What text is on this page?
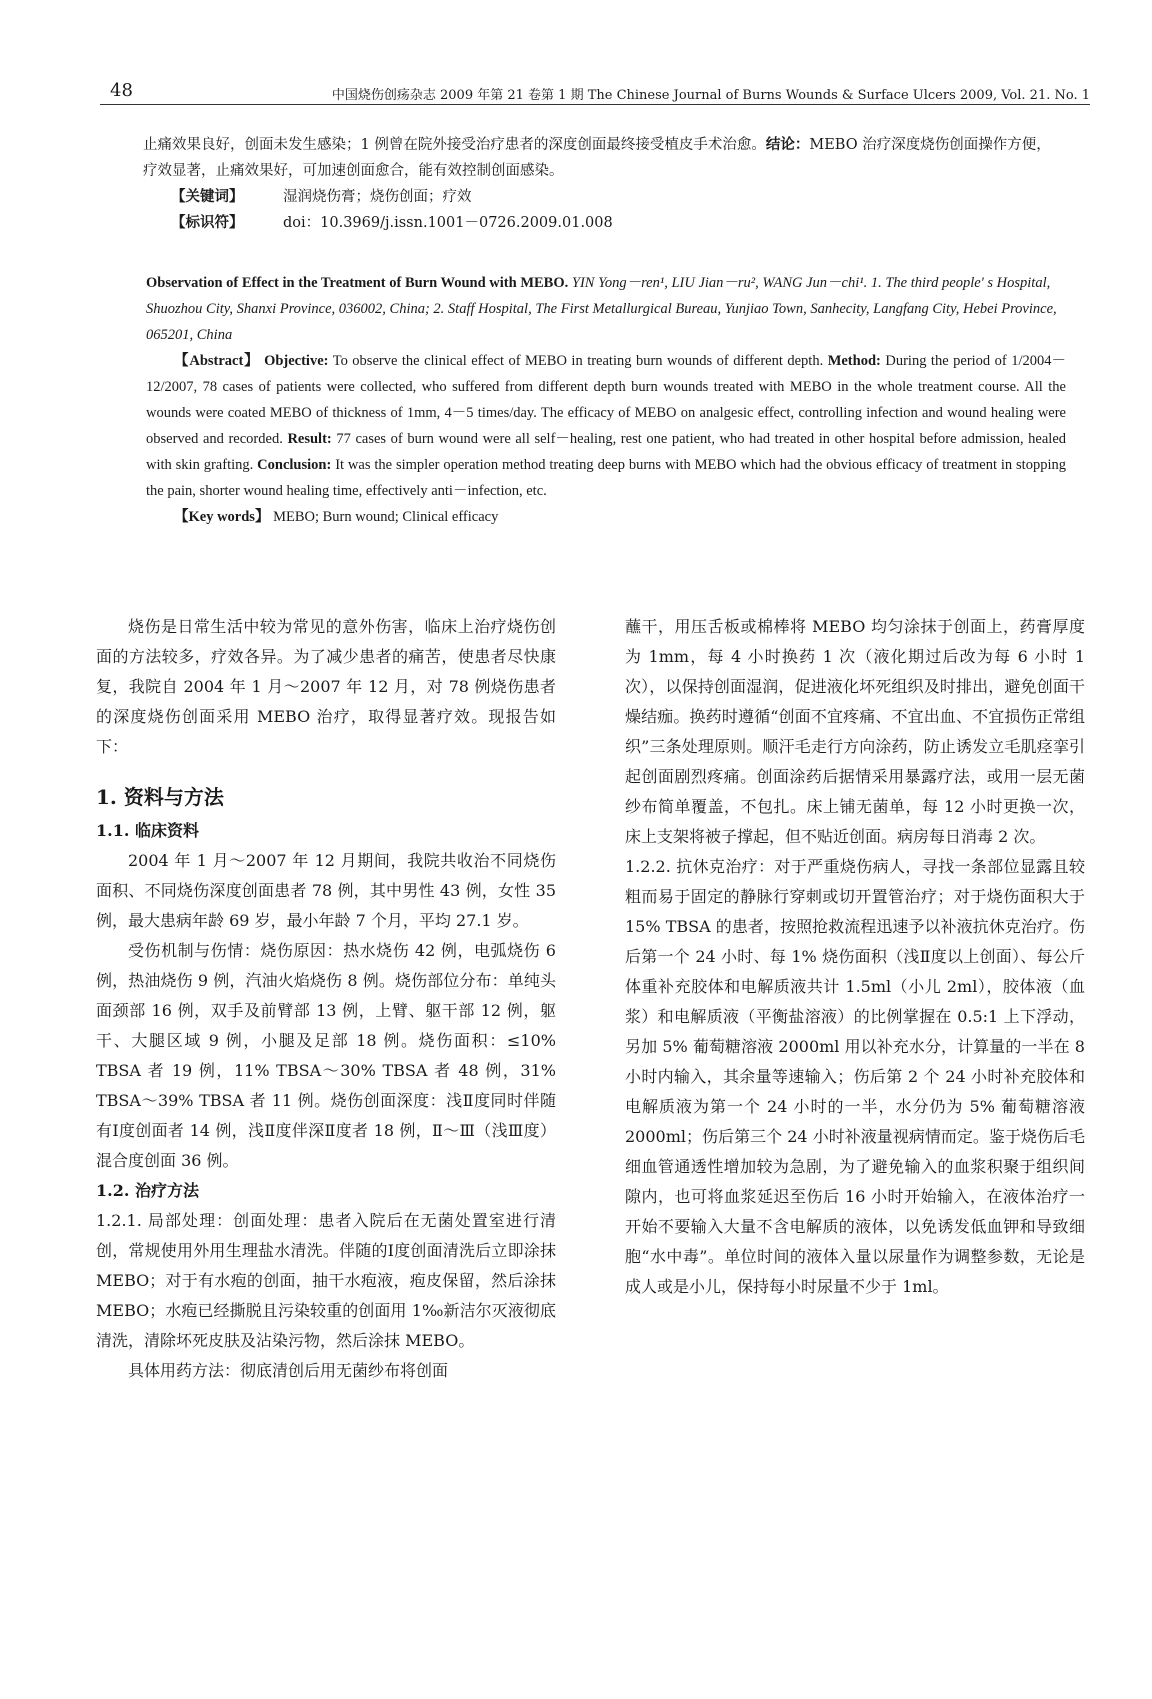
48	中国烧伤创疡杂志 2009 年第 21 卷第 1 期 The Chinese Journal of Burns Wounds & Surface Ulcers 2009, Vol. 21. No. 1

止痛效果良好，创面未发生感染；1 例曾在院外接受治疗患者的深度创面最终接受植皮手术治愈。结论：MEBO 治疗深度烧伤创面操作方便，疗效显著，止痛效果好，可加速创面愈合，能有效控制创面感染。

【关键词】	湿润烧伤膏；烧伤创面；疗效

【标识符】	doi：10.3969/j.issn.1001－0726.2009.01.008

Observation of Effect in the Treatment of Burn Wound with MEBO. YIN Yong－ren¹, LIU Jian－ru², WANG Jun－chi¹. 1. The third people' s Hospital, Shuozhou City, Shanxi Province, 036002, China; 2. Staff Hospital, The First Metallurgical Bureau, Yunjiao Town, Sanhecity, Langfang City, Hebei Province, 065201, China

【Abstract】 Objective: To observe the clinical effect of MEBO in treating burn wounds of different depth. Method: During the period of 1/2004－12/2007, 78 cases of patients were collected, who suffered from different depth burn wounds treated with MEBO in the whole treatment course. All the wounds were coated MEBO of thickness of 1mm, 4－5 times/day. The efficacy of MEBO on analgesic effect, controlling infection and wound healing were observed and recorded. Result: 77 cases of burn wound were all self－healing, rest one patient, who had treated in other hospital before admission, healed with skin grafting. Conclusion: It was the simpler operation method treating deep burns with MEBO which had the obvious efficacy of treatment in stopping the pain, shorter wound healing time, effectively anti－infection, etc.

【Key words】 MEBO; Burn wound; Clinical efficacy

烧伤是日常生活中较为常见的意外伤害，临床上治疗烧伤创面的方法较多，疗效各异。为了减少患者的痛苦，使患者尽快康复，我院自 2004 年 1 月～2007 年 12 月，对 78 例烧伤患者的深度烧伤创面采用 MEBO 治疗，取得显著疗效。现报告如下：

1. 资料与方法

1.1. 临床资料

2004 年 1 月～2007 年 12 月期间，我院共收治不同烧伤面积、不同烧伤深度创面患者 78 例，其中男性 43 例，女性 35 例，最大患病年龄 69 岁，最小年龄 7 个月，平均 27.1 岁。

受伤机制与伤情：烧伤原因：热水烧伤 42 例，电弧烧伤 6 例，热油烧伤 9 例，汽油火焰烧伤 8 例。烧伤部位分布：单纯头面颈部 16 例，双手及前臂部 13 例，上臂、躯干部 12 例，躯干、大腿区域 9 例，小腿及足部 18 例。烧伤面积：≤10% TBSA 者 19 例，11% TBSA～30% TBSA 者 48 例，31% TBSA～39% TBSA 者 11 例。烧伤创面深度：浅Ⅱ度同时伴随有Ⅰ度创面者 14 例，浅Ⅱ度伴深Ⅱ度者 18 例，Ⅱ～Ⅲ（浅Ⅲ度）混合度创面 36 例。

1.2. 治疗方法

1.2.1. 局部处理：创面处理：患者入院后在无菌处置室进行清创，常规使用外用生理盐水清洗。伴随的Ⅰ度创面清洗后立即涂抹 MEBO；对于有水疱的创面，抽干水疱液，疱皮保留，然后涂抹 MEBO；水疱已经撕脱且污染较重的创面用 1‰新洁尔灭液彻底清洗，清除坏死皮肤及沾染污物，然后涂抹 MEBO。

具体用药方法：彻底清创后用无菌纱布将创面

蘸干，用压舌板或棉棒将 MEBO 均匀涂抹于创面上，药膏厚度为 1mm，每 4 小时换药 1 次（液化期过后改为每 6 小时 1 次），以保持创面湿润，促进液化坏死组织及时排出，避免创面干燥结痂。换药时遵循“创面不宜疼痛、不宜出血、不宜损伤正常组织”三条处理原则。顺汗毛走行方向涂药，防止诱发立毛肌痉挛引起创面剧烈疼痛。创面涂药后据情采用暴露疗法，或用一层无菌纱布简单覆盖，不包扎。床上铺无菌单，每 12 小时更换一次，床上支架将被子撑起，但不贴近创面。病房每日消毒 2 次。

1.2.2. 抗休克治疗：对于严重烧伤病人，寻找一条部位显露且较粗而易于固定的静脉行穿刺或切开置管治疗；对于烧伤面积大于 15% TBSA 的患者，按照抢救流程迅速予以补液抗休克治疗。伤后第一个 24 小时、每 1% 烧伤面积（浅Ⅱ度以上创面）、每公斤体重补充胶体和电解质液共计 1.5ml（小儿 2ml），胶体液（血浆）和电解质液（平衡盐溶液）的比例掌握在 0.5:1 上下浮动，另加 5% 葡萄糖溶液 2000ml 用以补充水分，计算量的一半在 8 小时内输入，其余量等速输入；伤后第 2 个 24 小时补充胶体和电解质液为第一个 24 小时的一半，水分仍为 5% 葡萄糖溶液 2000ml；伤后第三个 24 小时补液量视病情而定。鉴于烧伤后毛细血管通透性增加较为急剧，为了避免输入的血浆积聚于组织间隙内，也可将血浆延迟至伤后 16 小时开始输入，在液体治疗一开始不要输入大量不含电解质的液体，以免诱发低血钾和导致细胞“水中毒”。单位时间的液体入量以尿量作为调整参数，无论是成人或是小儿，保持每小时尿量不少于 1ml。
